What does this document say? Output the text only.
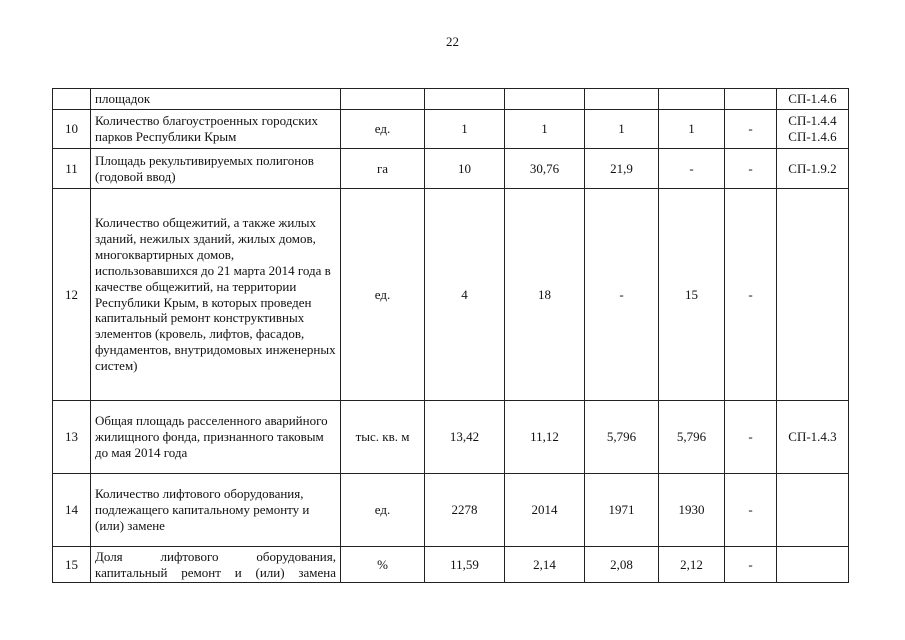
22
	площадок							СП-1.4.6
10	Количество благоустроенных городских парков Республики Крым	ед.	1	1	1	1	-	СП-1.4.4 СП-1.4.6
11	Площадь рекультивируемых полигонов (годовой ввод)	га	10	30,76	21,9	-	-	СП-1.9.2
12	Количество общежитий, а также жилых зданий, нежилых зданий, жилых домов, многоквартирных домов, использовавшихся до 21 марта 2014 года в качестве общежитий, на территории Республики Крым, в которых проведен капитальный ремонт конструктивных элементов (кровель, лифтов, фасадов, фундаментов, внутридомовых инженерных систем)	ед.	4	18	-	15	-	
13	Общая площадь расселенного аварийного жилищного фонда, признанного таковым до мая 2014 года	тыс. кв. м	13,42	11,12	5,796	5,796	-	СП-1.4.3
14	Количество лифтового оборудования, подлежащего капитальному ремонту и (или) замене	ед.	2278	2014	1971	1930	-	
15	Доля лифтового оборудования, капитальный ремонт и (или) замена	%	11,59	2,14	2,08	2,12	-	
